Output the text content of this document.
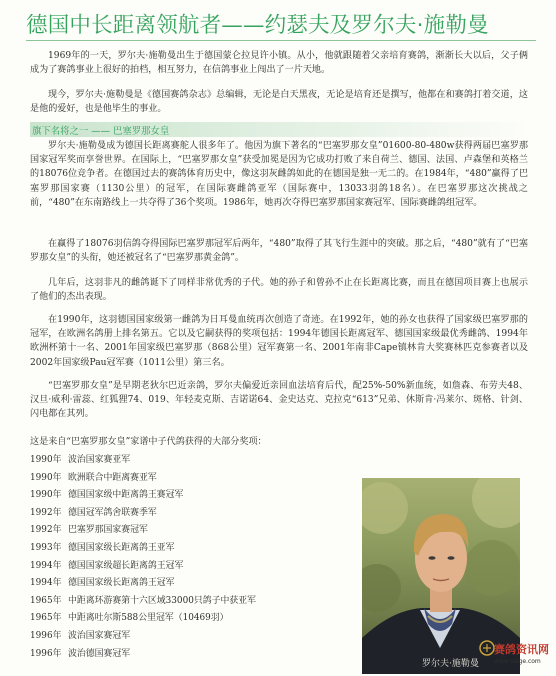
德国中长距离领航者——约瑟夫及罗尔夫·施勒曼

1969年的一天，罗尔夫·施勒曼出生于德国蒙仑拉見许小镇。从小，他就跟随着父亲培育赛鸽，渐渐长大以后，父子俩成为了赛鸽事业上很好的拍档，相互努力，在信鸽事业上闯出了一片天地。

现今，罗尔夫·施勒曼是《德国赛鸽杂志》总编辑，无论是白天黑夜，无论是培育还是撰写，他都在和赛鸽打着交道，这是他的爱好，也是他毕生的事业。

旗下名将之一 —— 巴塞罗那女皇

罗尔夫·施勒曼成为德国长距离赛舵人很多年了。他因为旗下著名的“巴塞罗那女皇”01600-80-480w获得两届巴塞罗那国家冠军奖而享誉世界。在国际上，“巴塞罗那女皇”获受加冕是因为它成功打败了来自荷兰、德国、法国、卢森堡和英格兰的18076位竞争者。在德国过去的赛鸽体育历史中，像这羽灰雌鸽如此的在德国是独一无二的。在1984年，“480”赢得了巴塞罗那国家赛（1130公里）的冠军，在国际赛雌鸽亚军（国际赛中，13033羽鸽18名）。在巴塞罗那这次挑战之前，“480”在东南路线上一共夺得了36个奖项。1986年，她再次夺得巴塞罗那国家赛冠军、国际赛雌鸽组冠军。

在赢得了18076羽信鸽夺得国际巴塞罗那冠军后两年，“480”取得了其飞行生涯中的突破。那之后，“480”就有了“巴塞罗那女皇”的头衔，她还被冠名了“巴塞罗那黄金鸽”。

几年后，这羽非凡的雌鸽诞下了同样非常优秀的子代。她的孙子和曾孙不止在长距离比赛，而且在德国项目赛上也展示了他们的杰出表现。

在1990年，这羽德国国家级第一雌鸽为日耳曼血统再次创造了奇迹。在1992年，她的孙女也获得了国家级巴塞罗那的冠军，在欧洲名鸽册上排名第五。它以及它嗣获得的奖项包括：1994年德国长距离冠军、德国国家级最优秀雌鸽、1994年欧洲杯第十一名、2001年国家级巴塞罗那（868公里）冠军赛第一名、2001年南非Cape镇林肯大奖赛林匹克参赛者以及2002年国家级Pau冠军赛（1011公里）第三名。

“巴塞罗那女皇”是早期老狄尔巴近亲鸽，罗尔夫偏爱近亲回血法培育后代，配25%-50%新血统，如詹森、布劳夫48、汉旦·威利·雷蕊、红狐狸74、019、年轻麦克斯、吉诺诺64、金史达克、克拉克“613”兄弟、休斯肯·冯莱尔、斑格、针剑、闪电都在其列。

这是来自“巴塞罗那女皇”家谱中子代鸽获得的大部分奖项：
1990年 波治国家赛亚军
1990年 欧洲联合中距离赛亚军
1990年 德国国家级中距离鸽王赛冠军
1992年 德国冠军鸽舍联赛季军
1992年 巴塞罗那国家赛冠军
1993年 德国国家级长距离鸽王亚军
1994年 德国国家级超长距离鸽王冠军
1994年 德国国家级长距离鸽王冠军
1965年 中距离环游赛第十六区域33000只鸽子中获亚军
1965年 中距离吐尔斯588公里冠军（10469羽）
1996年 波治国家赛冠军
1996年 波治德国赛冠军
罗尔夫·施勒曼
赛鸽资讯网
www.saige.com
